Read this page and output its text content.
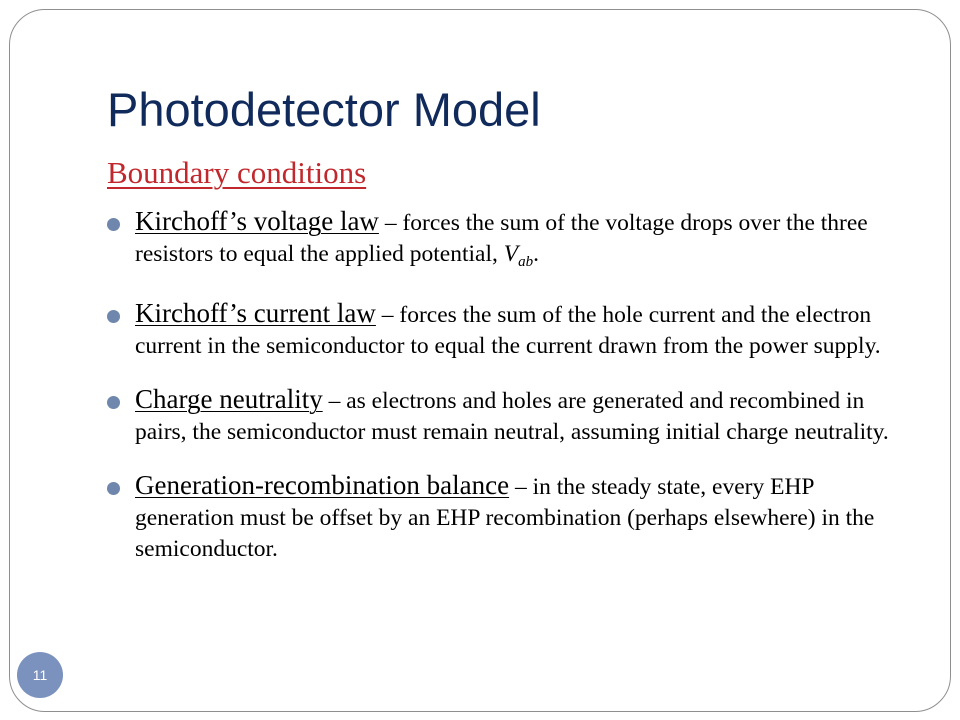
Photodetector Model
Boundary conditions
Kirchoff’s voltage law – forces the sum of the voltage drops over the three resistors to equal the applied potential, Vab.
Kirchoff’s current law – forces the sum of the hole current and the electron current in the semiconductor to equal the current drawn from the power supply.
Charge neutrality – as electrons and holes are generated and recombined in pairs, the semiconductor must remain neutral, assuming initial charge neutrality.
Generation-recombination balance – in the steady state, every EHP generation must be offset by an EHP recombination (perhaps elsewhere) in the semiconductor.
11
